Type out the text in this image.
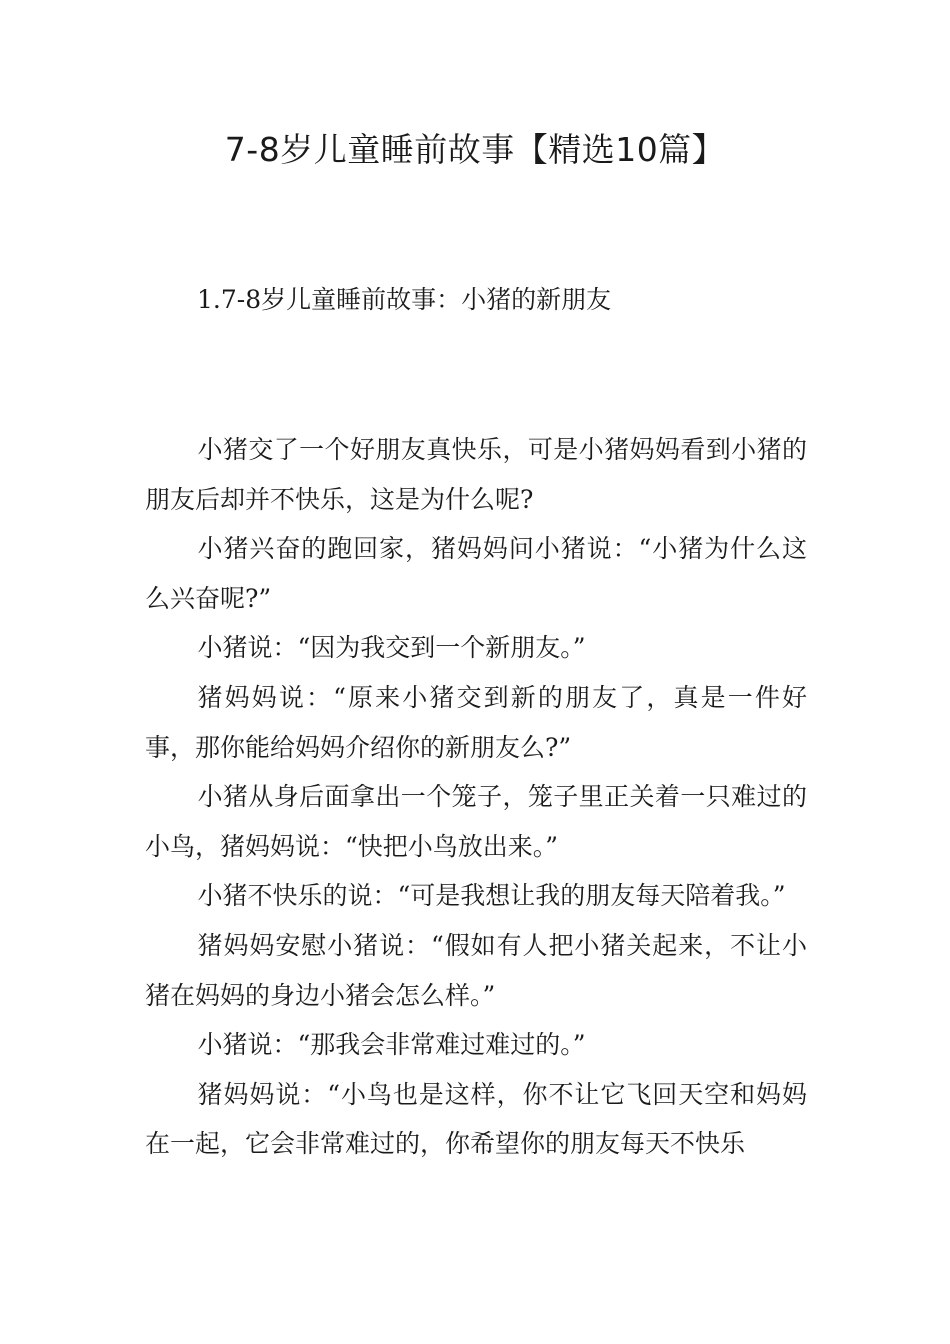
7-8岁儿童睡前故事【精选10篇】
1.7-8岁儿童睡前故事：小猪的新朋友

小猪交了一个好朋友真快乐，可是小猪妈妈看到小猪的朋友后却并不快乐，这是为什么呢?

小猪兴奋的跑回家，猪妈妈问小猪说：“小猪为什么这么兴奋呢?”

小猪说：“因为我交到一个新朋友。”

猪妈妈说：“原来小猪交到新的朋友了，真是一件好事，那你能给妈妈介绍你的新朋友么?”

小猪从身后面拿出一个笼子，笼子里正关着一只难过的小鸟，猪妈妈说：“快把小鸟放出来。”

小猪不快乐的说：“可是我想让我的朋友每天陪着我。”

猪妈妈安慰小猪说：“假如有人把小猪关起来，不让小猪在妈妈的身边小猪会怎么样。”

小猪说：“那我会非常难过难过的。”

猪妈妈说：“小鸟也是这样，你不让它飞回天空和妈妈在一起，它会非常难过的，你希望你的朋友每天不快乐
